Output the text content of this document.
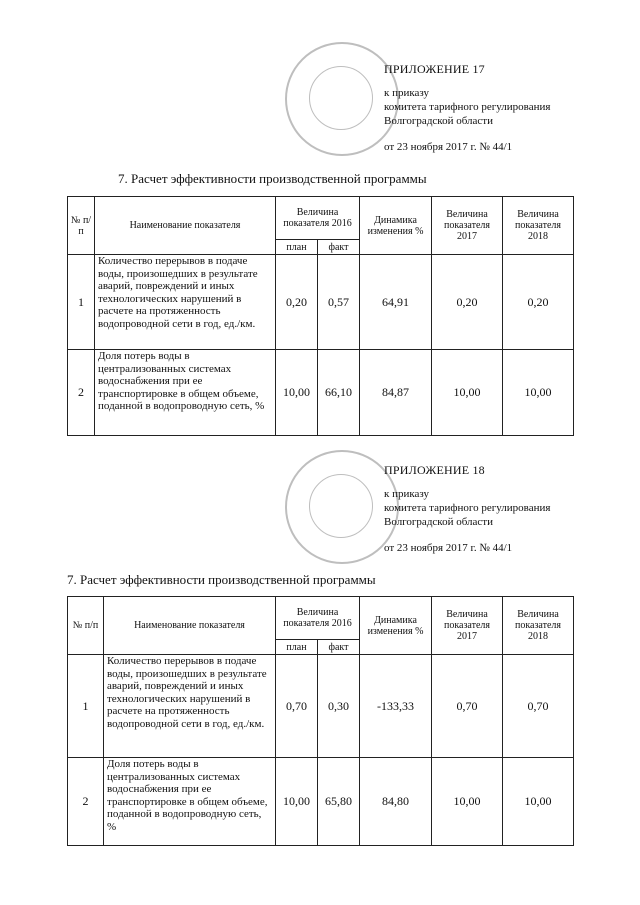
ПРИЛОЖЕНИЕ 17
к приказу
комитета тарифного регулирования
Волгоградской области
от 23 ноября 2017 г. № 44/1
7. Расчет эффективности производственной программы
№ п/ п	Наименование показателя	Величина показателя 2016		Динамика изменения %	Величина показателя 2017	Величина показателя 2018
		план	факт			
1	Количество перерывов в подаче воды, произошедших в результате аварий, повреждений и иных технологических нарушений в расчете на протяженность водопроводной сети в год, ед./км.	0,20	0,57	64,91	0,20	0,20
2	Доля потерь воды в централизованных системах водоснабжения при ее транспортировке в общем объеме, поданной в водопроводную сеть, %	10,00	66,10	84,87	10,00	10,00
ПРИЛОЖЕНИЕ 18
к приказу
комитета тарифного регулирования
Волгоградской области
от 23 ноября 2017 г. № 44/1
7. Расчет эффективности производственной программы
№ п/п	Наименование показателя	Величина показателя 2016		Динамика изменения %	Величина показателя 2017	Величина показателя 2018
		план	факт			
1	Количество перерывов в подаче воды, произошедших в результате аварий, повреждений и иных технологических нарушений в расчете на протяженность водопроводной сети в год, ед./км.	0,70	0,30	-133,33	0,70	0,70
2	Доля потерь воды в централизованных системах водоснабжения при ее транспортировке в общем объеме, поданной в водопроводную сеть, %	10,00	65,80	84,80	10,00	10,00
